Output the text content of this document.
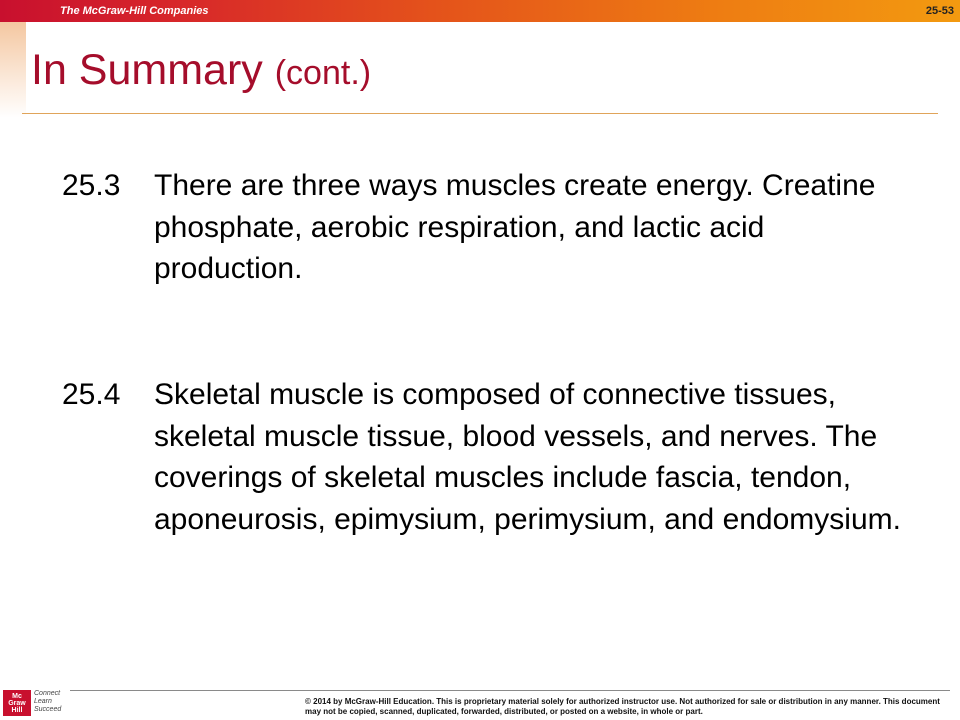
The McGraw-Hill Companies	25-53
In Summary (cont.)
25.3 There are three ways muscles create energy. Creatine phosphate, aerobic respiration, and lactic acid production.
25.4 Skeletal muscle is composed of connective tissues, skeletal muscle tissue, blood vessels, and nerves. The coverings of skeletal muscles include fascia, tendon, aponeurosis, epimysium, perimysium, and endomysium.
Mc Graw Hill
Connect Learn Succeed
© 2014 by McGraw-Hill Education. This is proprietary material solely for authorized instructor use. Not authorized for sale or distribution in any manner. This document may not be copied, scanned, duplicated, forwarded, distributed, or posted on a website, in whole or part.
